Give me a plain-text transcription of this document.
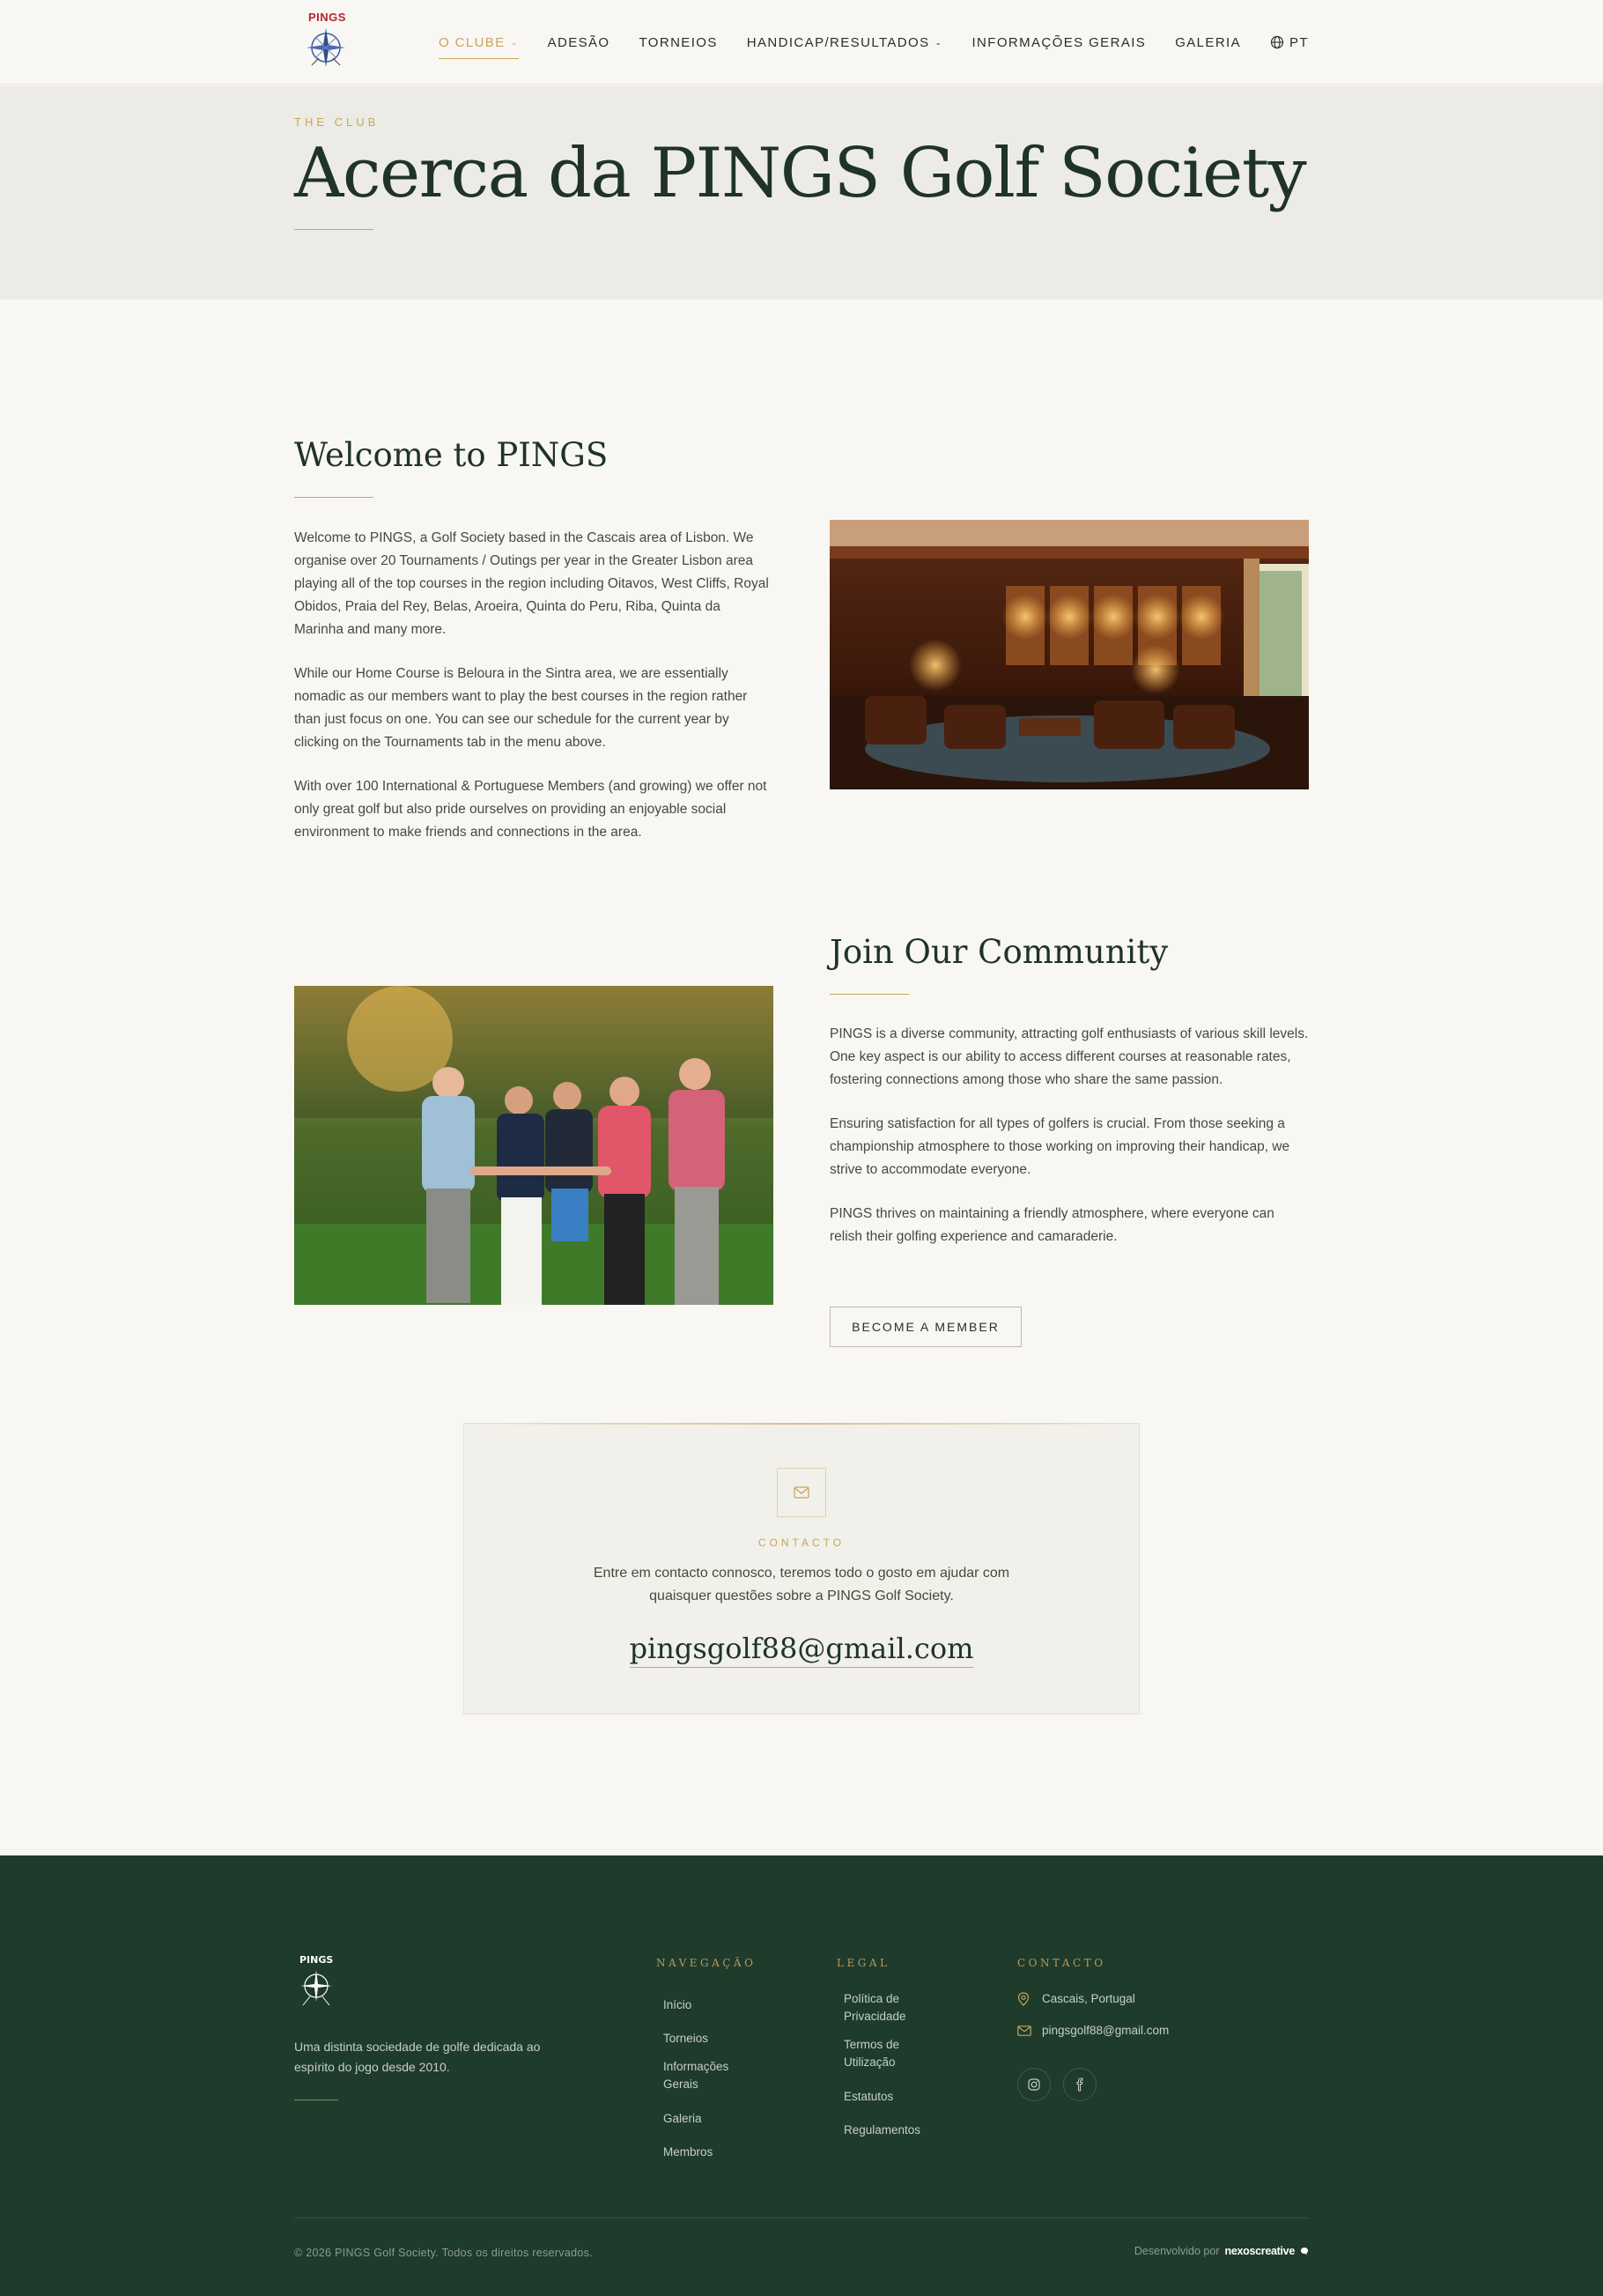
PINGS
O CLUBE ⌄ ADESÃO TORNEIOS HANDICAP/RESULTADOS ⌄ INFORMAÇÕES GERAIS GALERIA	PT
THE CLUB
Acerca da PINGS Golf Society
Welcome to PINGS

Welcome to PINGS, a Golf Society based in the Cascais area of Lisbon. We organise over 20 Tournaments / Outings per year in the Greater Lisbon area playing all of the top courses in the region including Oitavos, West Cliffs, Royal Obidos, Praia del Rey, Belas, Aroeira, Quinta do Peru, Riba, Quinta da Marinha and many more.

While our Home Course is Beloura in the Sintra area, we are essentially nomadic as our members want to play the best courses in the region rather than just focus on one. You can see our schedule for the current year by clicking on the Tournaments tab in the menu above.

With over 100 International & Portuguese Members (and growing) we offer not only great golf but also pride ourselves on providing an enjoyable social environment to make friends and connections in the area.

Join Our Community

PINGS is a diverse community, attracting golf enthusiasts of various skill levels. One key aspect is our ability to access different courses at reasonable rates, fostering connections among those who share the same passion.

Ensuring satisfaction for all types of golfers is crucial. From those seeking a championship atmosphere to those working on improving their handicap, we strive to accommodate everyone.

PINGS thrives on maintaining a friendly atmosphere, where everyone can relish their golfing experience and camaraderie.

BECOME A MEMBER
CONTACTO
Entre em contacto connosco, teremos todo o gosto em ajudar com quaisquer questões sobre a PINGS Golf Society.
pingsgolf88@gmail.com
PINGS
Uma distinta sociedade de golfe dedicada ao espírito do jogo desde 2010.
NAVEGAÇÃO
Início
Torneios
Informações Gerais
Galeria
Membros
LEGAL
Política de Privacidade
Termos de Utilização
Estatutos
Regulamentos
CONTACTO
Cascais, Portugal
pingsgolf88@gmail.com
© 2026 PINGS Golf Society. Todos os direitos reservados.	Desenvolvido por nexoscreative
